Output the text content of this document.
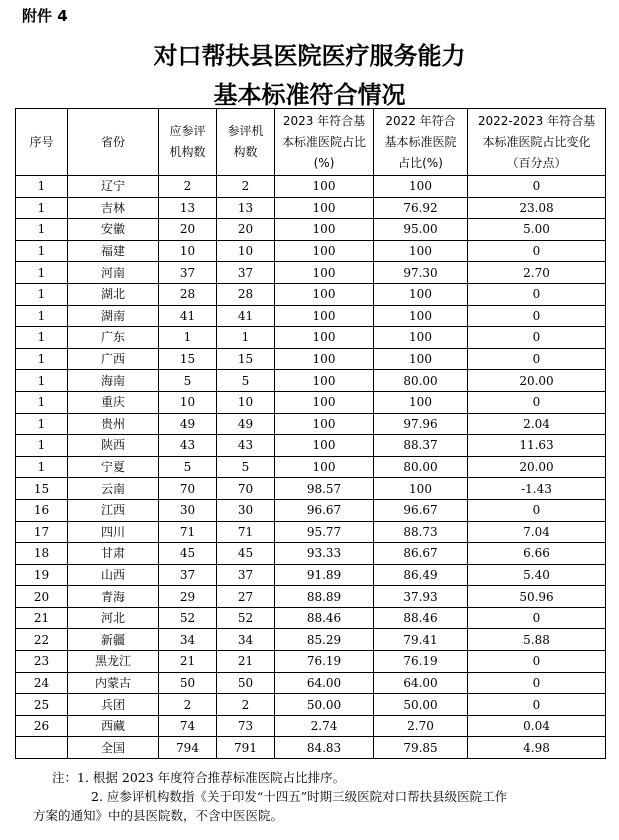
附件 4
对口帮扶县医院医疗服务能力
基本标准符合情况
序号	省份	应参评机构数	参评机构数	2023 年符合基本标准医院占比(%)	2022 年符合基本标准医院占比(%)	2022-2023 年符合基本标准医院占比变化（百分点）
1	辽宁	2	2	100	100	0
1	吉林	13	13	100	76.92	23.08
1	安徽	20	20	100	95.00	5.00
1	福建	10	10	100	100	0
1	河南	37	37	100	97.30	2.70
1	湖北	28	28	100	100	0
1	湖南	41	41	100	100	0
1	广东	1	1	100	100	0
1	广西	15	15	100	100	0
1	海南	5	5	100	80.00	20.00
1	重庆	10	10	100	100	0
1	贵州	49	49	100	97.96	2.04
1	陕西	43	43	100	88.37	11.63
1	宁夏	5	5	100	80.00	20.00
15	云南	70	70	98.57	100	-1.43
16	江西	30	30	96.67	96.67	0
17	四川	71	71	95.77	88.73	7.04
18	甘肃	45	45	93.33	86.67	6.66
19	山西	37	37	91.89	86.49	5.40
20	青海	29	27	88.89	37.93	50.96
21	河北	52	52	88.46	88.46	0
22	新疆	34	34	85.29	79.41	5.88
23	黑龙江	21	21	76.19	76.19	0
24	内蒙古	50	50	64.00	64.00	0
25	兵团	2	2	50.00	50.00	0
26	西藏	74	73	2.74	2.70	0.04
	全国	794	791	84.83	79.85	4.98

注：1. 根据 2023 年度符合推荐标准医院占比排序。

2. 应参评机构数指《关于印发“十四五”时期三级医院对口帮扶县级医院工作

方案的通知》中的县医院数，不含中医医院。
